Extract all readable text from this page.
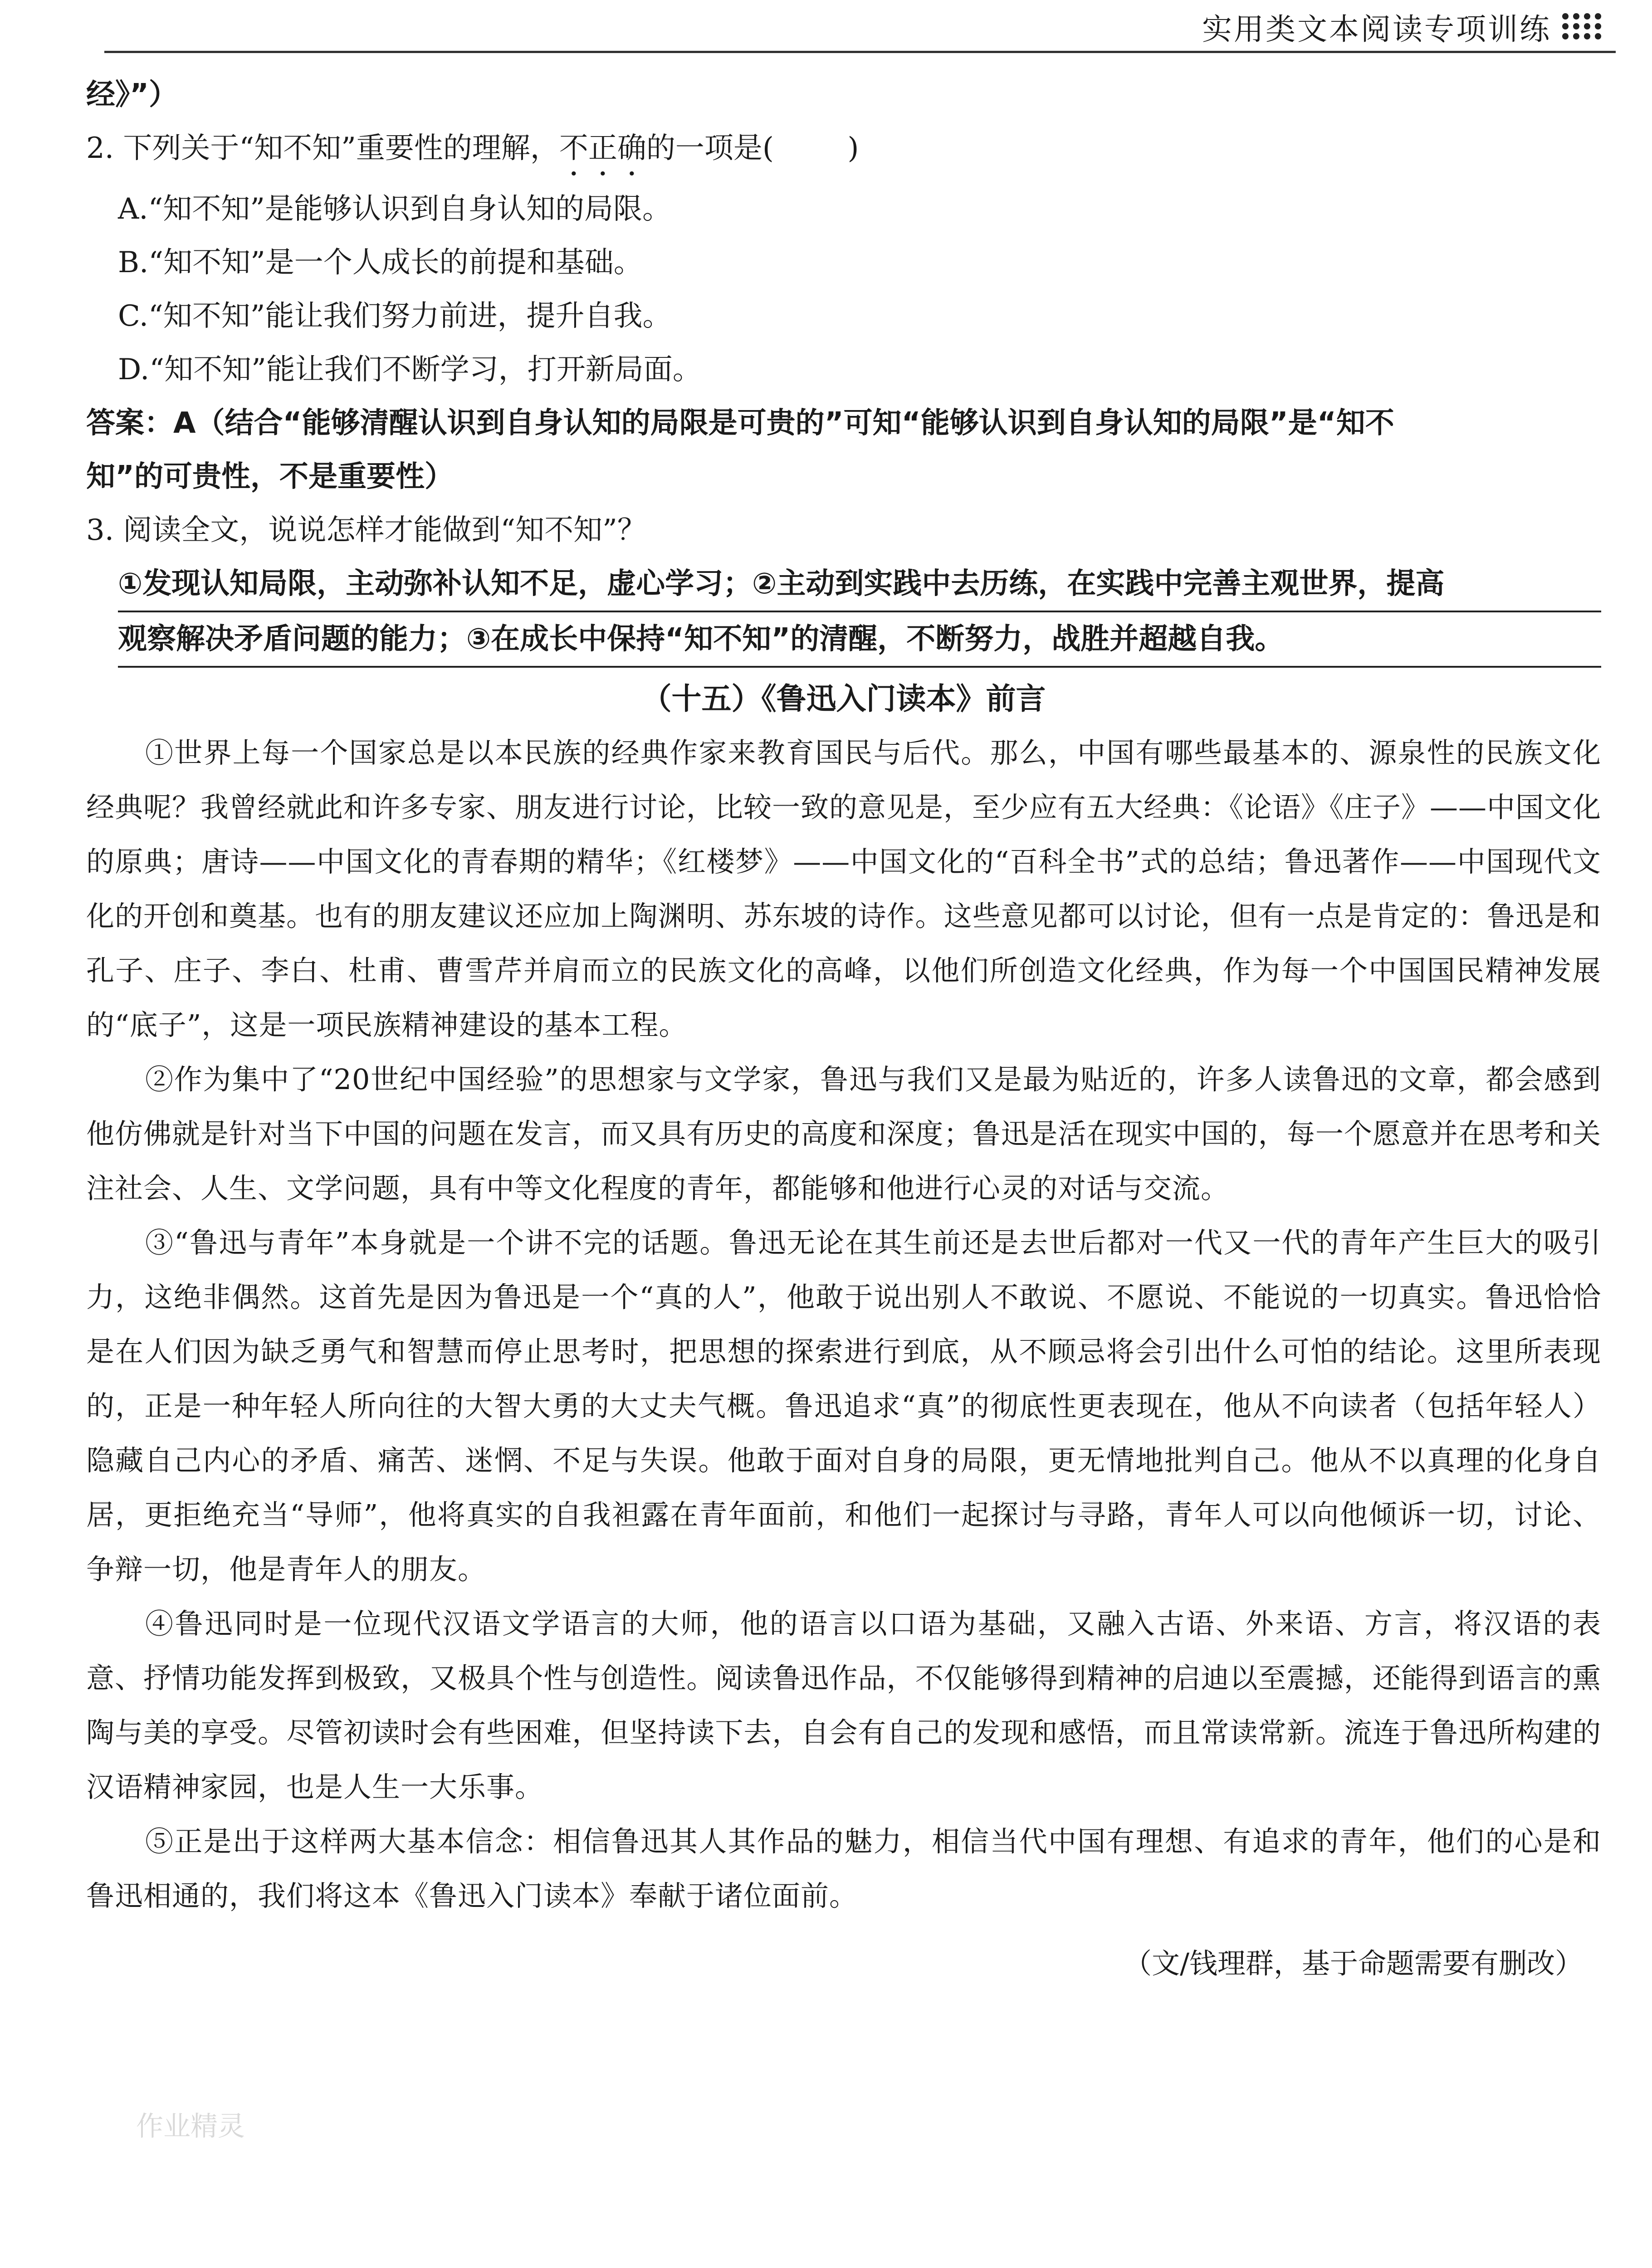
实用类文本阅读专项训练
经》”）
2. 下列关于“知不知”重要性的理解，不正确的一项是(        )
A.“知不知”是能够认识到自身认知的局限。
B.“知不知”是一个人成长的前提和基础。
C.“知不知”能让我们努力前进，提升自我。
D.“知不知”能让我们不断学习，打开新局面。
答案：A（结合“能够清醒认识到自身认知的局限是可贵的”可知“能够认识到自身认知的局限”是“知不
知”的可贵性，不是重要性）
3. 阅读全文，说说怎样才能做到“知不知”？
①发现认知局限，主动弥补认知不足，虚心学习；②主动到实践中去历练，在实践中完善主观世界，提高
观察解决矛盾问题的能力；③在成长中保持“知不知”的清醒，不断努力，战胜并超越自我。
（十五）《鲁迅入门读本》前言

①世界上每一个国家总是以本民族的经典作家来教育国民与后代。那么，中国有哪些最基本的、源泉性的民族文化经典呢？我曾经就此和许多专家、朋友进行讨论，比较一致的意见是，至少应有五大经典：《论语》《庄子》——中国文化的原典；唐诗——中国文化的青春期的精华；《红楼梦》——中国文化的“百科全书”式的总结；鲁迅著作——中国现代文化的开创和奠基。也有的朋友建议还应加上陶渊明、苏东坡的诗作。这些意见都可以讨论，但有一点是肯定的：鲁迅是和孔子、庄子、李白、杜甫、曹雪芹并肩而立的民族文化的高峰，以他们所创造文化经典，作为每一个中国国民精神发展的“底子”，这是一项民族精神建设的基本工程。

②作为集中了“20世纪中国经验”的思想家与文学家，鲁迅与我们又是最为贴近的，许多人读鲁迅的文章，都会感到他仿佛就是针对当下中国的问题在发言，而又具有历史的高度和深度；鲁迅是活在现实中国的，每一个愿意并在思考和关注社会、人生、文学问题，具有中等文化程度的青年，都能够和他进行心灵的对话与交流。

③“鲁迅与青年”本身就是一个讲不完的话题。鲁迅无论在其生前还是去世后都对一代又一代的青年产生巨大的吸引力，这绝非偶然。这首先是因为鲁迅是一个“真的人”，他敢于说出别人不敢说、不愿说、不能说的一切真实。鲁迅恰恰是在人们因为缺乏勇气和智慧而停止思考时，把思想的探索进行到底，从不顾忌将会引出什么可怕的结论。这里所表现的，正是一种年轻人所向往的大智大勇的大丈夫气概。鲁迅追求“真”的彻底性更表现在，他从不向读者（包括年轻人）隐藏自己内心的矛盾、痛苦、迷惘、不足与失误。他敢于面对自身的局限，更无情地批判自己。他从不以真理的化身自居，更拒绝充当“导师”，他将真实的自我袒露在青年面前，和他们一起探讨与寻路，青年人可以向他倾诉一切，讨论、争辩一切，他是青年人的朋友。

④鲁迅同时是一位现代汉语文学语言的大师，他的语言以口语为基础，又融入古语、外来语、方言，将汉语的表意、抒情功能发挥到极致，又极具个性与创造性。阅读鲁迅作品，不仅能够得到精神的启迪以至震撼，还能得到语言的熏陶与美的享受。尽管初读时会有些困难，但坚持读下去，自会有自己的发现和感悟，而且常读常新。流连于鲁迅所构建的汉语精神家园，也是人生一大乐事。

⑤正是出于这样两大基本信念：相信鲁迅其人其作品的魅力，相信当代中国有理想、有追求的青年，他们的心是和鲁迅相通的，我们将这本《鲁迅入门读本》奉献于诸位面前。

（文/钱理群，基于命题需要有删改）
作业精灵
